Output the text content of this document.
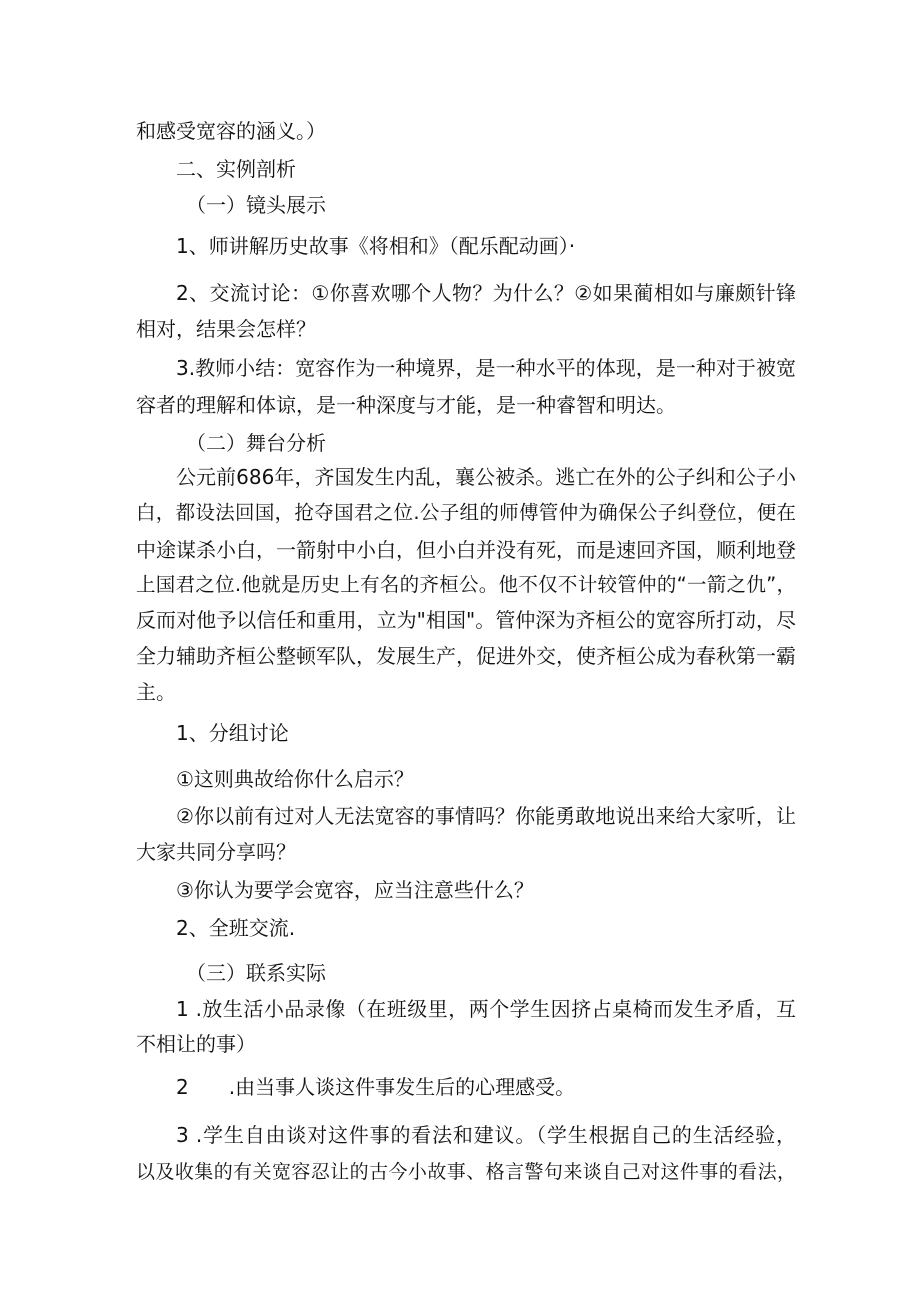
和感受宽容的涵义。）
二、实例剖析
（一）镜头展示
1、师讲解历史故事《将相和》（配乐配动画）·
2、交流讨论：①你喜欢哪个人物？为什么？②如果蔺相如与廉颇针锋
相对，结果会怎样？
3.教师小结：宽容作为一种境界，是一种水平的体现，是一种对于被宽
容者的理解和体谅，是一种深度与才能，是一种睿智和明达。
（二）舞台分析
公元前686年，齐国发生内乱，襄公被杀。逃亡在外的公子纠和公子小
白，都设法回国，抢夺国君之位.公子组的师傅管仲为确保公子纠登位，便在
中途谋杀小白，一箭射中小白，但小白并没有死，而是速回齐国，顺利地登
上国君之位.他就是历史上有名的齐桓公。他不仅不计较管仲的“一箭之仇”，
反而对他予以信任和重用，立为"相国"。管仲深为齐桓公的宽容所打动，尽
全力辅助齐桓公整顿军队，发展生产，促进外交，使齐桓公成为春秋第一霸
主。
1、分组讨论
①这则典故给你什么启示？
②你以前有过对人无法宽容的事情吗？你能勇敢地说出来给大家听，让
大家共同分享吗？
③你认为要学会宽容，应当注意些什么？
2、全班交流.
（三）联系实际
1 .放生活小品录像（在班级里，两个学生因挤占桌椅而发生矛盾，互
不相让的事）
2　　.由当事人谈这件事发生后的心理感受。
3 .学生自由谈对这件事的看法和建议。（学生根据自己的生活经验，
以及收集的有关宽容忍让的古今小故事、格言警句来谈自己对这件事的看法，
